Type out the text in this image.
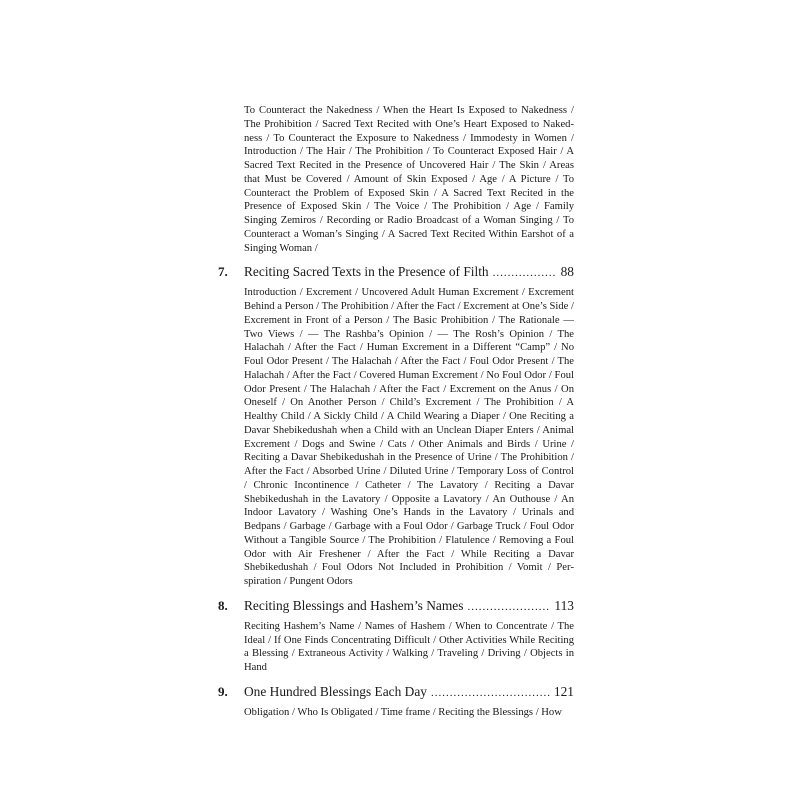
To Counteract the Nakedness / When the Heart Is Exposed to Nakedness / The Prohibition / Sacred Text Recited with One’s Heart Exposed to Nakedness / To Counteract the Exposure to Nakedness / Immodesty in Women / Introduction / The Hair / The Prohibition / To Counteract Exposed Hair / A Sacred Text Recited in the Presence of Uncovered Hair / The Skin / Areas that Must be Covered / Amount of Skin Exposed / Age / A Picture / To Counteract the Problem of Exposed Skin / A Sacred Text Recited in the Presence of Exposed Skin / The Voice / The Prohibition / Age / Family Singing Zemiros / Recording or Radio Broadcast of a Woman Singing / To Counteract a Woman’s Singing / A Sacred Text Recited Within Earshot of a Singing Woman /

7. Reciting Sacred Texts in the Presence of Filth .....	88

Introduction / Excrement / Uncovered Adult Human Excrement / Excrement Behind a Person / The Prohibition / After the Fact / Excrement at One’s Side / Excrement in Front of a Person / The Basic Prohibition / The Rationale — Two Views / — The Rashba’s Opinion / — The Rosh’s Opinion / The Halachah / After the Fact / Human Excrement in a Different “Camp” / No Foul Odor Present / The Halachah / After the Fact / Foul Odor Present / The Halachah / After the Fact / Covered Human Excrement / No Foul Odor / Foul Odor Present / The Halachah / After the Fact / Excrement on the Anus / On Oneself / On Another Person / Child’s Excrement / The Prohibition / A Healthy Child / A Sickly Child / A Child Wearing a Diaper / One Reciting a Davar Shebikedushah when a Child with an Unclean Diaper Enters / Animal Excrement / Dogs and Swine / Cats / Other Animals and Birds / Urine / Reciting a Davar Shebikedushah in the Presence of Urine / The Prohibition / After the Fact / Absorbed Urine / Diluted Urine / Temporary Loss of Control / Chronic Incontinence / Catheter / The Lavatory / Reciting a Davar Shebikedushah in the Lavatory / Opposite a Lavatory / An Outhouse / An Indoor Lavatory / Washing One’s Hands in the Lavatory / Urinals and Bedpans / Garbage / Garbage with a Foul Odor / Garbage Truck / Foul Odor Without a Tangible Source / The Prohibition / Flatulence / Removing a Foul Odor with Air Freshener / After the Fact / While Reciting a Davar Shebikedushah / Foul Odors Not Included in Prohibition / Vomit / Perspiration / Pungent Odors

8. Reciting Blessings and Hashem’s Names .....	113

Reciting Hashem’s Name / Names of Hashem / When to Concentrate / The Ideal / If One Finds Concentrating Difficult / Other Activities While Reciting a Blessing / Extraneous Activity / Walking / Traveling / Driving / Objects in Hand

9. One Hundred Blessings Each Day .....	121

Obligation / Who Is Obligated / Time frame / Reciting the Blessings / How
